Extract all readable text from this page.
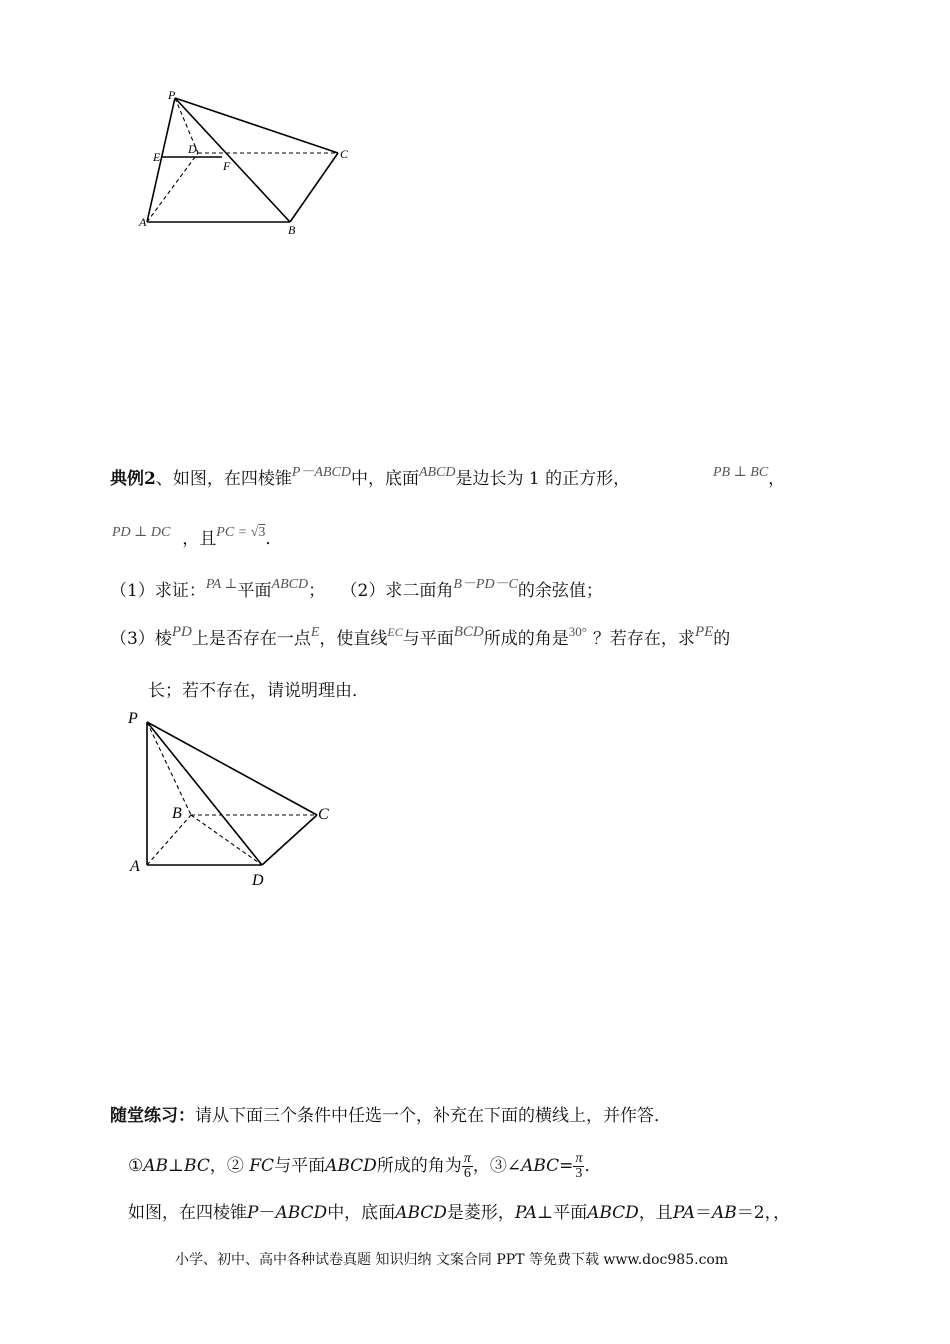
P
E
D
F
C
A
B
典例2、如图，在四棱锥$^{P-ABCD}$中，底面$^{ABCD}$是边长为 1 的正方形，	$^{PB \perp BC}$，
$^{PD \perp DC}$ ，且$^{PC =}$ $^{√3}$．
（1）求证：$^{PA \perp}$平面$^{ABCD}$； （2）求二面角$^{B-PD-C}$的余弦值；
（3）棱PD上是否存在一点$^E$，使直线$^{EC}$与平面BCD所成的角是$^{30^\circ}$ ？若存在，求PE的
长；若不存在，请说明理由．
P
B	C
A
D
随堂练习：请从下面三个条件中任选一个，补充在下面的横线上，并作答．
①AB⊥BC，② FC与平面ABCD所成的角为 $\frac{\pi}{6}$ ，③∠ABC= $\frac{\pi}{3}$ ．
如图，在四棱锥P－ABCD中，底面ABCD是菱形，PA⊥平面ABCD，且PA＝AB＝2，，
小学、初中、高中各种试卷真题 知识归纳 文案合同 PPT 等免费下载 www.doc985.com
